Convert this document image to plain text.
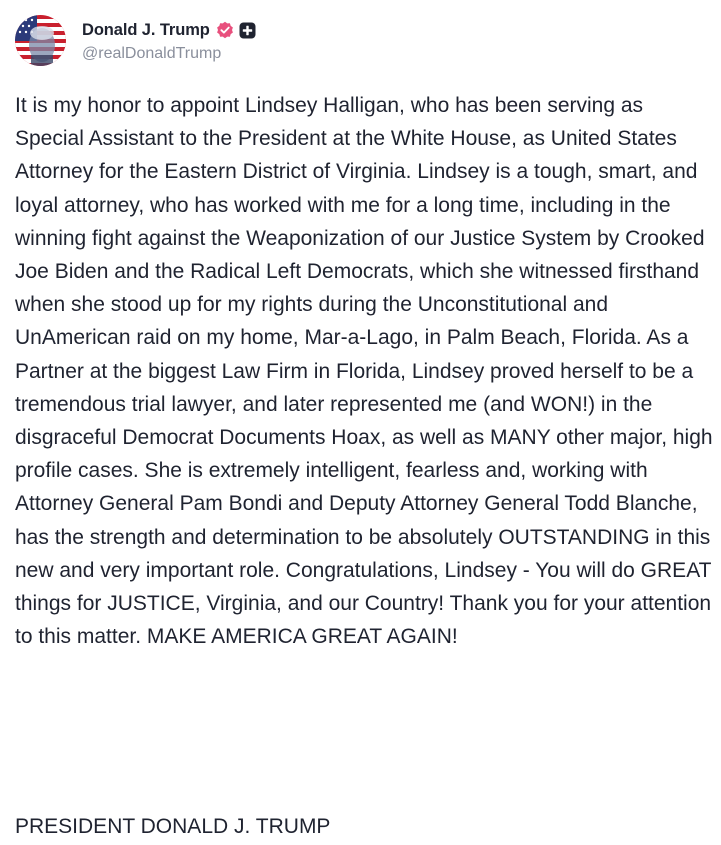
Donald J. Trump
@realDonaldTrump

It is my honor to appoint Lindsey Halligan, who has been serving as Special Assistant to the President at the White House, as United States Attorney for the Eastern District of Virginia. Lindsey is a tough, smart, and loyal attorney, who has worked with me for a long time, including in the winning fight against the Weaponization of our Justice System by Crooked Joe Biden and the Radical Left Democrats, which she witnessed firsthand when she stood up for my rights during the Unconstitutional and UnAmerican raid on my home, Mar-a-Lago, in Palm Beach, Florida. As a Partner at the biggest Law Firm in Florida, Lindsey proved herself to be a tremendous trial lawyer, and later represented me (and WON!) in the disgraceful Democrat Documents Hoax, as well as MANY other major, high profile cases. She is extremely intelligent, fearless and, working with Attorney General Pam Bondi and Deputy Attorney General Todd Blanche, has the strength and determination to be absolutely OUTSTANDING in this new and very important role. Congratulations, Lindsey - You will do GREAT things for JUSTICE, Virginia, and our Country! Thank you for your attention to this matter. MAKE AMERICA GREAT AGAIN!

PRESIDENT DONALD J. TRUMP
